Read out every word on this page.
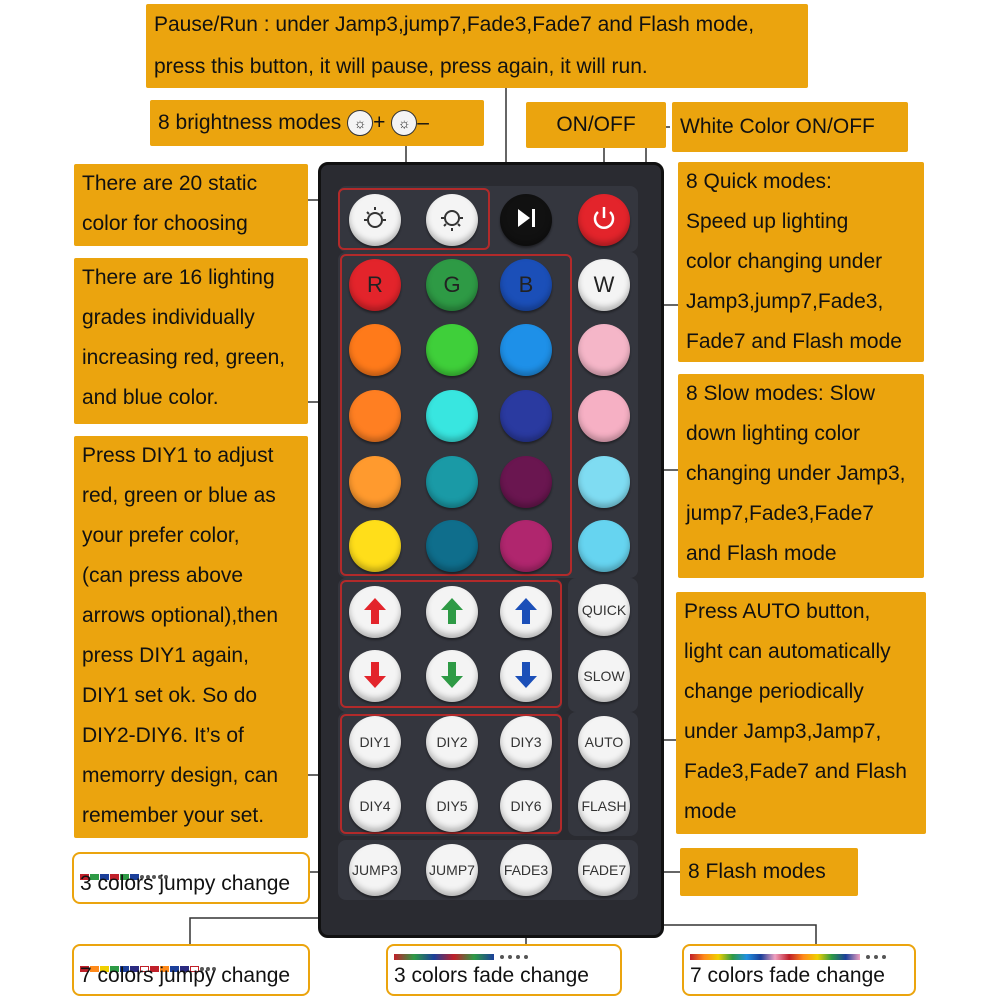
R	G	B	W
QUICK
SLOW
DIY1	DIY2	DIY3
DIY4	DIY5	DIY6
AUTO
FLASH
JUMP3 JUMP7 FADE3 FADE7
Pause/Run : under Jamp3,jump7,Fade3,Fade7 and Flash mode,
press this button, it will pause, press again, it will run.
8 brightness modes ☼ + ☼ –	ON/OFF	White Color ON/OFF
There are 20 static
color for choosing
There are 16 lighting
grades individually
increasing red, green,
and blue color.
Press DIY1 to adjust
red, green or blue as
your prefer color,
(can press above
arrows optional),then
press DIY1 again,
DIY1 set ok. So do
DIY2-DIY6. It’s of
memorry design, can
remember your set.
8 Quick modes:
Speed up lighting
color changing under
Jamp3,jump7,Fade3,
Fade7 and Flash mode
8 Slow modes: Slow
down lighting color
changing under Jamp3,
jump7,Fade3,Fade7
and Flash mode
Press AUTO button,
light can automatically
change periodically
under Jamp3,Jamp7,
Fade3,Fade7 and Flash
mode
8 Flash modes
3 colors jumpy change
7 colors jumpy change	3 colors fade change	7 colors fade change
